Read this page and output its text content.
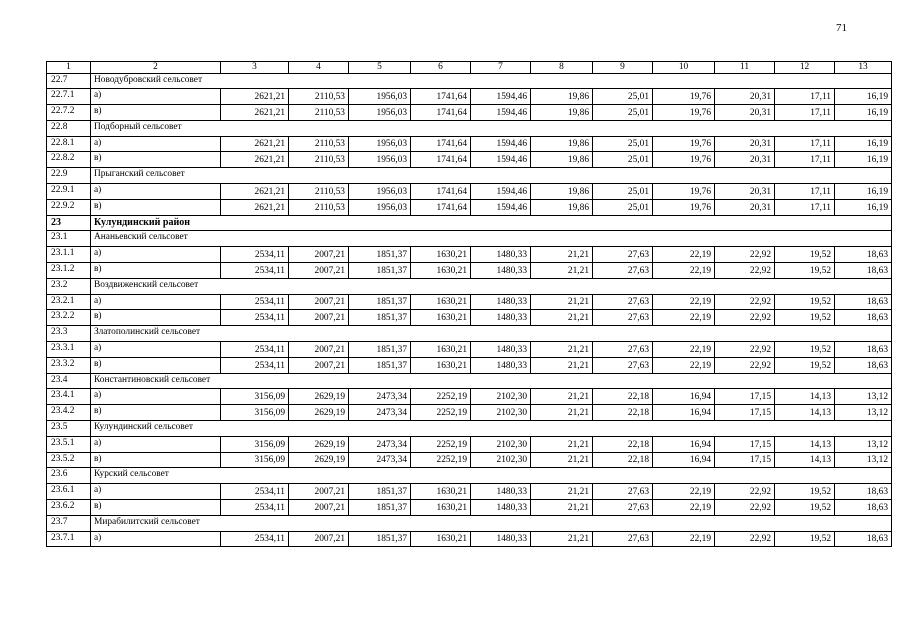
71
1	2	3	4	5	6	7	8	9	10	11	12	13
22.7	Новодубровский сельсовет											
22.7.1	а)	2621,21	2110,53	1956,03	1741,64	1594,46	19,86	25,01	19,76	20,31	17,11	16,19
22.7.2	в)	2621,21	2110,53	1956,03	1741,64	1594,46	19,86	25,01	19,76	20,31	17,11	16,19
22.8	Подборный сельсовет											
22.8.1	а)	2621,21	2110,53	1956,03	1741,64	1594,46	19,86	25,01	19,76	20,31	17,11	16,19
22.8.2	в)	2621,21	2110,53	1956,03	1741,64	1594,46	19,86	25,01	19,76	20,31	17,11	16,19
22.9	Прыганский сельсовет											
22.9.1	а)	2621,21	2110,53	1956,03	1741,64	1594,46	19,86	25,01	19,76	20,31	17,11	16,19
22.9.2	в)	2621,21	2110,53	1956,03	1741,64	1594,46	19,86	25,01	19,76	20,31	17,11	16,19
23	Кулундинский район											
23.1	Ананьевский сельсовет											
23.1.1	а)	2534,11	2007,21	1851,37	1630,21	1480,33	21,21	27,63	22,19	22,92	19,52	18,63
23.1.2	в)	2534,11	2007,21	1851,37	1630,21	1480,33	21,21	27,63	22,19	22,92	19,52	18,63
23.2	Воздвиженский сельсовет											
23.2.1	а)	2534,11	2007,21	1851,37	1630,21	1480,33	21,21	27,63	22,19	22,92	19,52	18,63
23.2.2	в)	2534,11	2007,21	1851,37	1630,21	1480,33	21,21	27,63	22,19	22,92	19,52	18,63
23.3	Златополинский сельсовет											
23.3.1	а)	2534,11	2007,21	1851,37	1630,21	1480,33	21,21	27,63	22,19	22,92	19,52	18,63
23.3.2	в)	2534,11	2007,21	1851,37	1630,21	1480,33	21,21	27,63	22,19	22,92	19,52	18,63
23.4	Константиновский сельсовет											
23.4.1	а)	3156,09	2629,19	2473,34	2252,19	2102,30	21,21	22,18	16,94	17,15	14,13	13,12
23.4.2	в)	3156,09	2629,19	2473,34	2252,19	2102,30	21,21	22,18	16,94	17,15	14,13	13,12
23.5	Кулундинский сельсовет											
23.5.1	а)	3156,09	2629,19	2473,34	2252,19	2102,30	21,21	22,18	16,94	17,15	14,13	13,12
23.5.2	в)	3156,09	2629,19	2473,34	2252,19	2102,30	21,21	22,18	16,94	17,15	14,13	13,12
23.6	Курский сельсовет											
23.6.1	а)	2534,11	2007,21	1851,37	1630,21	1480,33	21,21	27,63	22,19	22,92	19,52	18,63
23.6.2	в)	2534,11	2007,21	1851,37	1630,21	1480,33	21,21	27,63	22,19	22,92	19,52	18,63
23.7	Мирабилитский сельсовет											
23.7.1	а)	2534,11	2007,21	1851,37	1630,21	1480,33	21,21	27,63	22,19	22,92	19,52	18,63
